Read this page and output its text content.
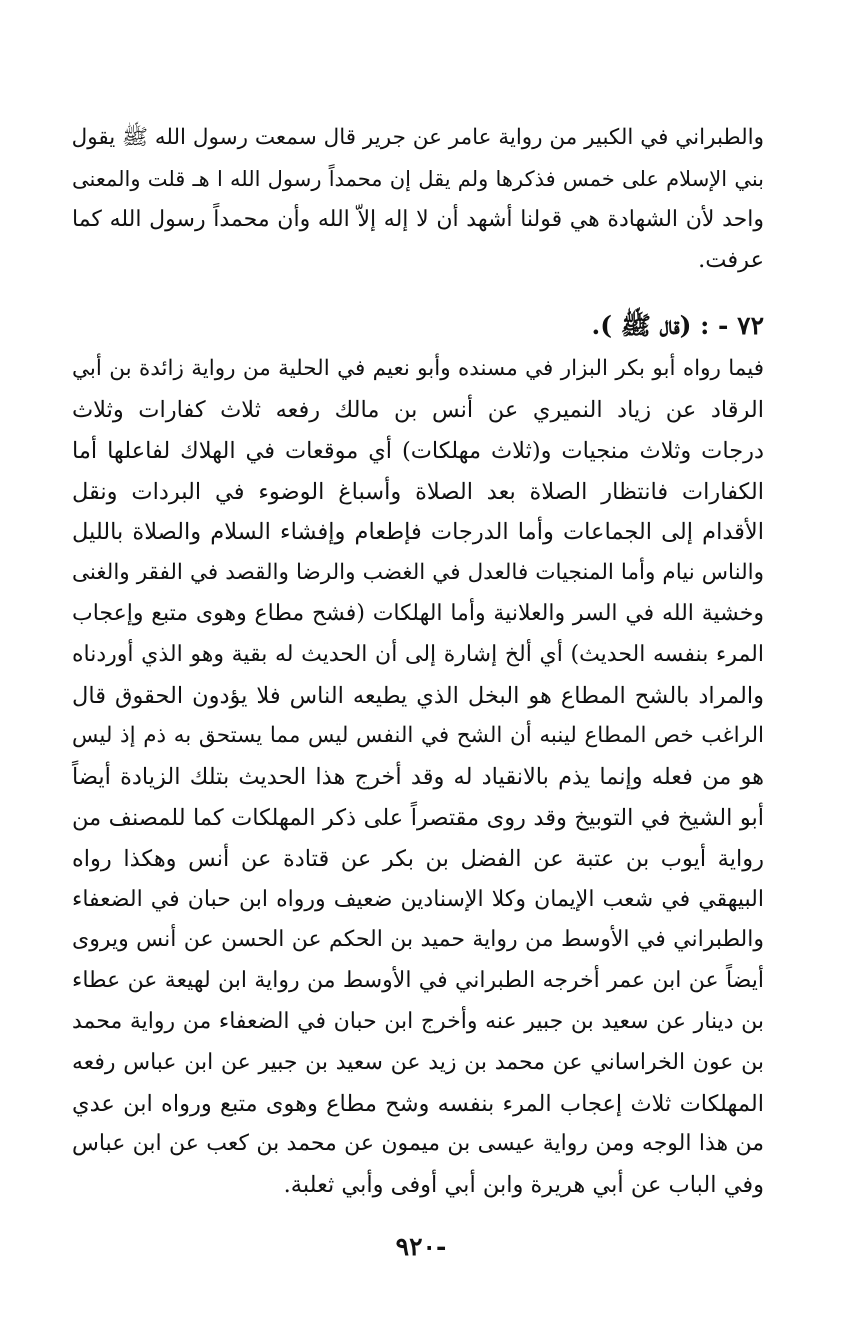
والطبراني في الكبير من رواية عامر عن جرير قال سمعت رسول الله ﷺ يقول
بني الإسلام على خمس فذكرها ولم يقل إن محمداً رسول الله ا هـ قلت والمعنى
واحد لأن الشهادة هي قولنا أشهد أن لا إله إلاّ الله وأن محمداً رسول الله كما
عرفت.
٧٢ - : (قال ﷺ ).
فيما رواه أبو بكر البزار في مسنده وأبو نعيم في الحلية من رواية زائدة بن أبي
الرقاد عن زياد النميري عن أنس بن مالك رفعه ثلاث كفارات وثلاث
درجات وثلاث منجيات و(ثلاث مهلكات) أي موقعات في الهلاك لفاعلها أما
الكفارات فانتظار الصلاة بعد الصلاة وأسباغ الوضوء في البردات ونقل
الأقدام إلى الجماعات وأما الدرجات فإطعام وإفشاء السلام والصلاة بالليل
والناس نيام وأما المنجيات فالعدل في الغضب والرضا والقصد في الفقر والغنى
وخشية الله في السر والعلانية وأما الهلكات (فشح مطاع وهوى متبع وإعجاب
المرء بنفسه الحديث) أي ألخ إشارة إلى أن الحديث له بقية وهو الذي أوردناه
والمراد بالشح المطاع هو البخل الذي يطيعه الناس فلا يؤدون الحقوق قال
الراغب خص المطاع لينبه أن الشح في النفس ليس مما يستحق به ذم إذ ليس
هو من فعله وإنما يذم بالانقياد له وقد أخرج هذا الحديث بتلك الزيادة أيضاً
أبو الشيخ في التوبيخ وقد روى مقتصراً على ذكر المهلكات كما للمصنف من
رواية أيوب بن عتبة عن الفضل بن بكر عن قتادة عن أنس وهكذا رواه
البيهقي في شعب الإيمان وكلا الإسنادين ضعيف ورواه ابن حبان في الضعفاء
والطبراني في الأوسط من رواية حميد بن الحكم عن الحسن عن أنس ويروى
أيضاً عن ابن عمر أخرجه الطبراني في الأوسط من رواية ابن لهيعة عن عطاء
بن دينار عن سعيد بن جبير عنه وأخرج ابن حبان في الضعفاء من رواية محمد
بن عون الخراساني عن محمد بن زيد عن سعيد بن جبير عن ابن عباس رفعه
المهلكات ثلاث إعجاب المرء بنفسه وشح مطاع وهوى متبع ورواه ابن عدي
من هذا الوجه ومن رواية عيسى بن ميمون عن محمد بن كعب عن ابن عباس
وفي الباب عن أبي هريرة وابن أبي أوفى وأبي ثعلبة.
-٩٢٠
